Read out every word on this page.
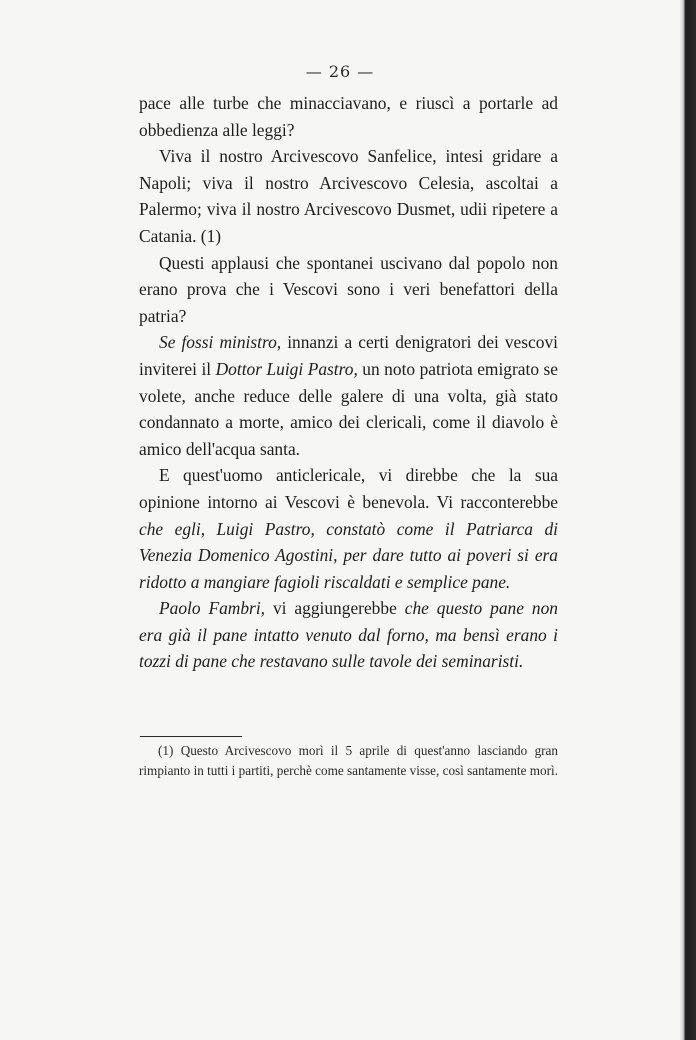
— 26 —

pace alle turbe che minacciavano, e riuscì a portarle ad obbedienza alle leggi?

Viva il nostro Arcivescovo Sanfelice, intesi gridare a Napoli; viva il nostro Arcivescovo Celesia, ascoltai a Palermo; viva il nostro Arcivescovo Dusmet, udii ripetere a Catania. (1)

Questi applausi che spontanei uscivano dal popolo non erano prova che i Vescovi sono i veri benefattori della patria?

Se fossi ministro, innanzi a certi denigratori dei vescovi inviterei il Dottor Luigi Pastro, un noto patriota emigrato se volete, anche reduce delle galere di una volta, già stato condannato a morte, amico dei clericali, come il diavolo è amico dell'acqua santa.

E quest'uomo anticlericale, vi direbbe che la sua opinione intorno ai Vescovi è benevola. Vi racconterebbe che egli, Luigi Pastro, constatò come il Patriarca di Venezia Domenico Agostini, per dare tutto ai poveri si era ridotto a mangiare fagioli riscaldati e semplice pane.

Paolo Fambri, vi aggiungerebbe che questo pane non era già il pane intatto venuto dal forno, ma bensì erano i tozzi di pane che restavano sulle tavole dei seminaristi.

(1) Questo Arcivescovo morì il 5 aprile di quest'anno lasciando gran rimpianto in tutti i partiti, perchè come santamente visse, così santamente morì.
